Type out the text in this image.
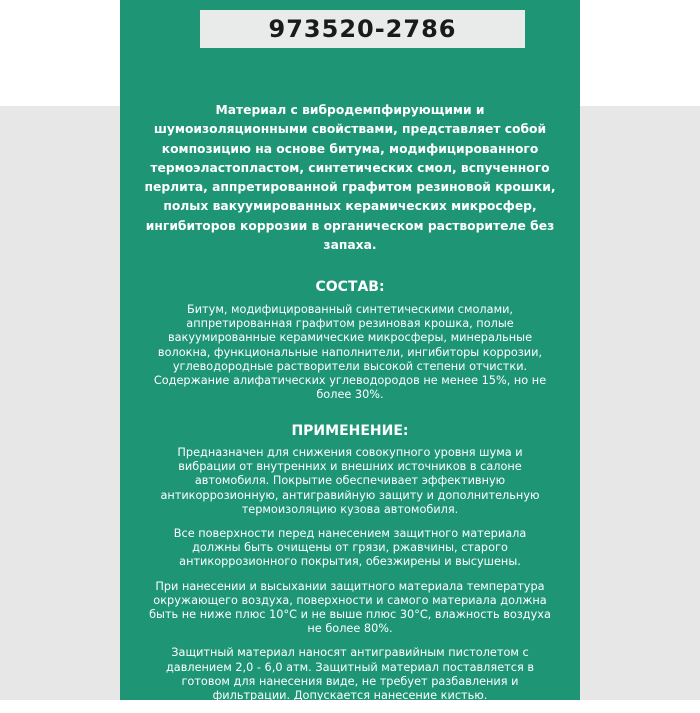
973520-2786
Материал с вибродемпфирующими и шумоизоляционными свойствами, представляет собой композицию на основе битума, модифицированного термоэластопластом, синтетических смол, вспученного перлита, аппретированной графитом резиновой крошки, полых вакуумированных керамических микросфер, ингибиторов коррозии в органическом растворителе без запаха.
СОСТАВ:

Битум, модифицированный синтетическими смолами, аппретированная графитом резиновая крошка, полые вакуумированные керамические микросферы, минеральные волокна, функциональные наполнители, ингибиторы коррозии, углеводородные растворители высокой степени отчистки. Содержание алифатических углеводородов не менее 15%, но не более 30%.

ПРИМЕНЕНИЕ:

Предназначен для снижения совокупного уровня шума и вибрации от внутренних и внешних источников в салоне автомобиля. Покрытие обеспечивает эффективную антикоррозионную, антигравийную защиту и дополнительную термоизоляцию кузова автомобиля.

Все поверхности перед нанесением защитного материала должны быть очищены от грязи, ржавчины, старого антикоррозионного покрытия, обезжирены и высушены.

При нанесении и высыхании защитного материала температура окружающего воздуха, поверхности и самого материала должна быть не ниже плюс 10°C и не выше плюс 30°C, влажность воздуха не более 80%.

Защитный материал наносят антигравийным пистолетом с давлением 2,0 - 6,0 атм. Защитный материал поставляется в готовом для нанесения виде, не требует разбавления и фильтрации. Допускается нанесение кистью.
